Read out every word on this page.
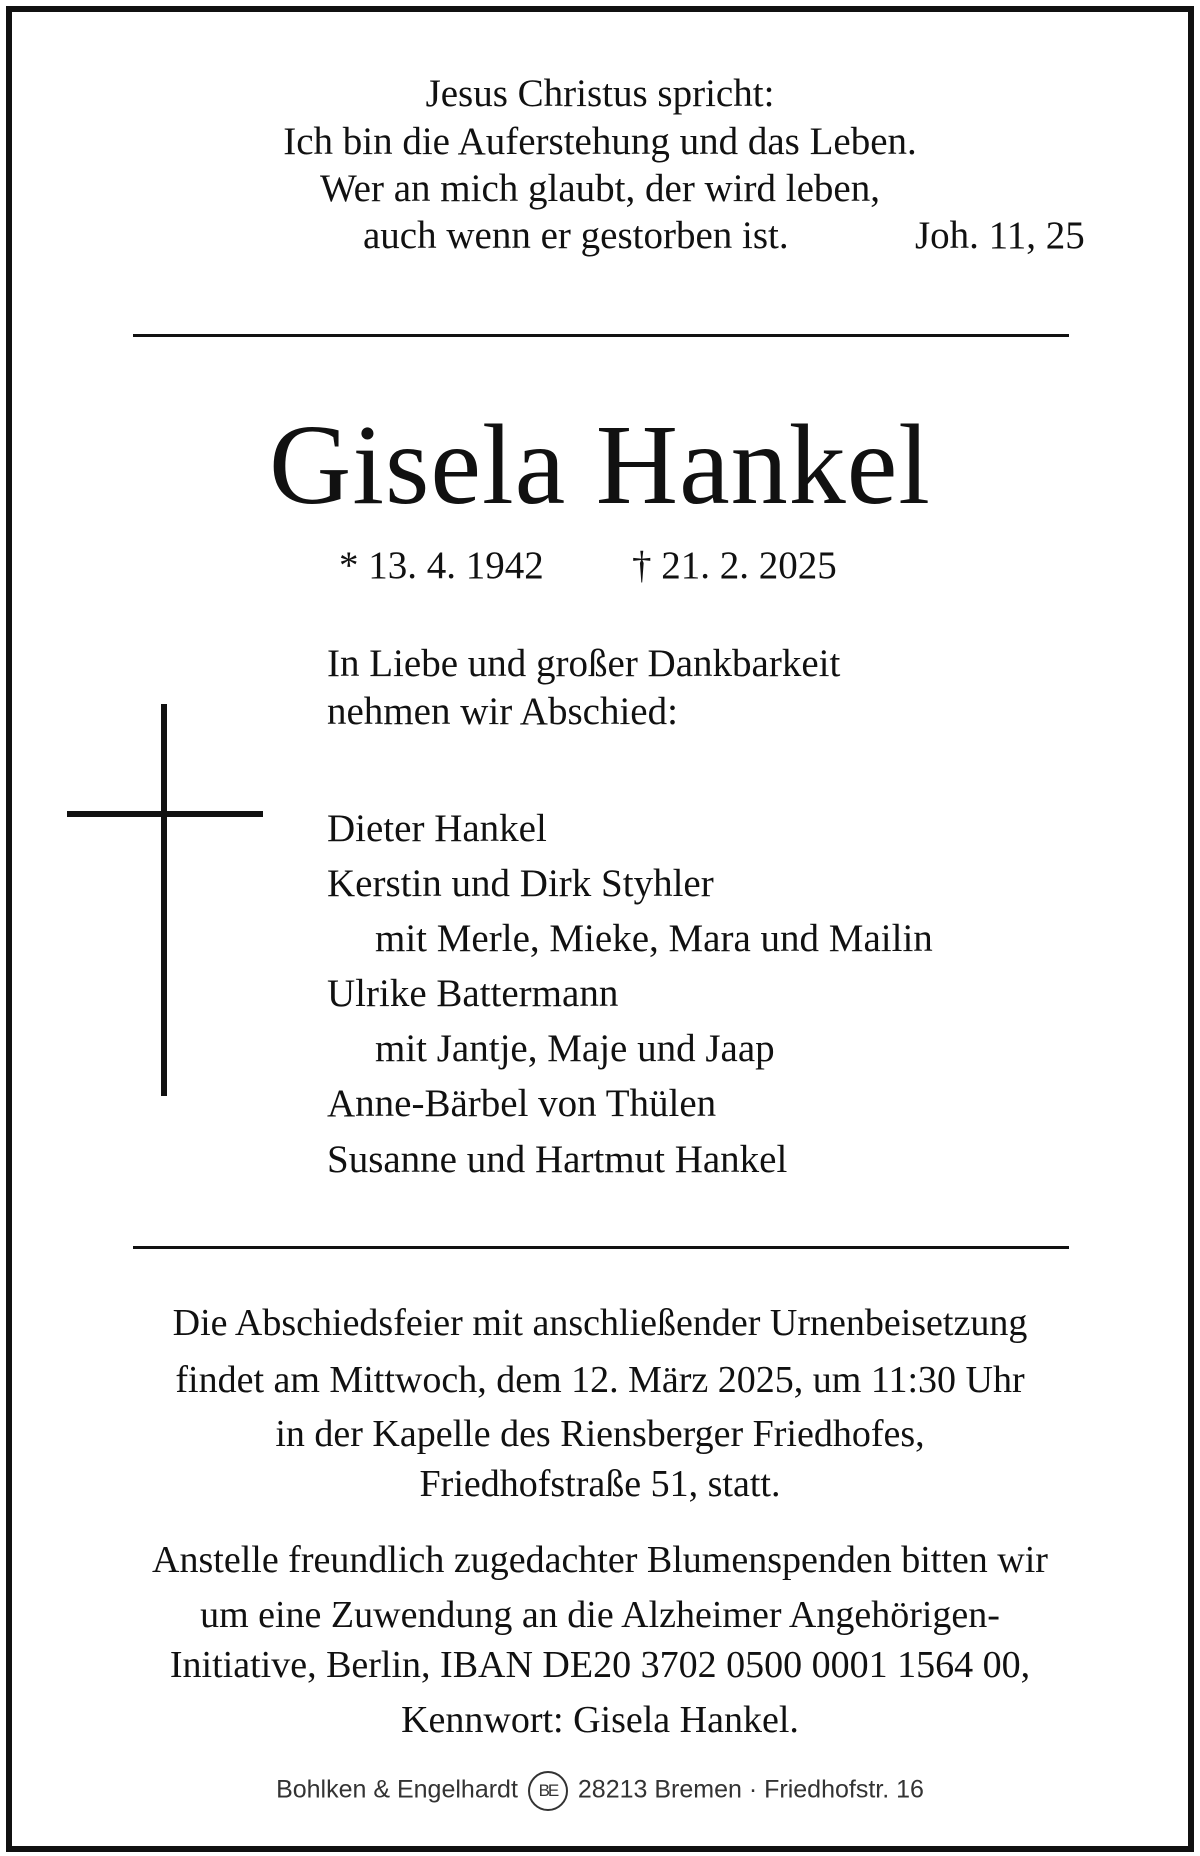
Jesus Christus spricht:
Ich bin die Auferstehung und das Leben.
Wer an mich glaubt, der wird leben,
auch wenn er gestorben ist.	Joh. 11, 25
Gisela Hankel
* 13. 4. 1942 † 21. 2. 2025
In Liebe und großer Dankbarkeit
nehmen wir Abschied:
Dieter Hankel
Kerstin und Dirk Styhler
mit Merle, Mieke, Mara und Mailin
Ulrike Battermann
mit Jantje, Maje und Jaap
Anne-Bärbel von Thülen
Susanne und Hartmut Hankel
Die Abschiedsfeier mit anschließender Urnenbeisetzung
findet am Mittwoch, dem 12. März 2025, um 11:30 Uhr
in der Kapelle des Riensberger Friedhofes,
Friedhofstraße 51, statt.
Anstelle freundlich zugedachter Blumenspenden bitten wir
um eine Zuwendung an die Alzheimer Angehörigen-
Initiative, Berlin, IBAN DE20 3702 0500 0001 1564 00,
Kennwort: Gisela Hankel.
Bohlken & Engelhardt BE 28213 Bremen · Friedhofstr. 16
